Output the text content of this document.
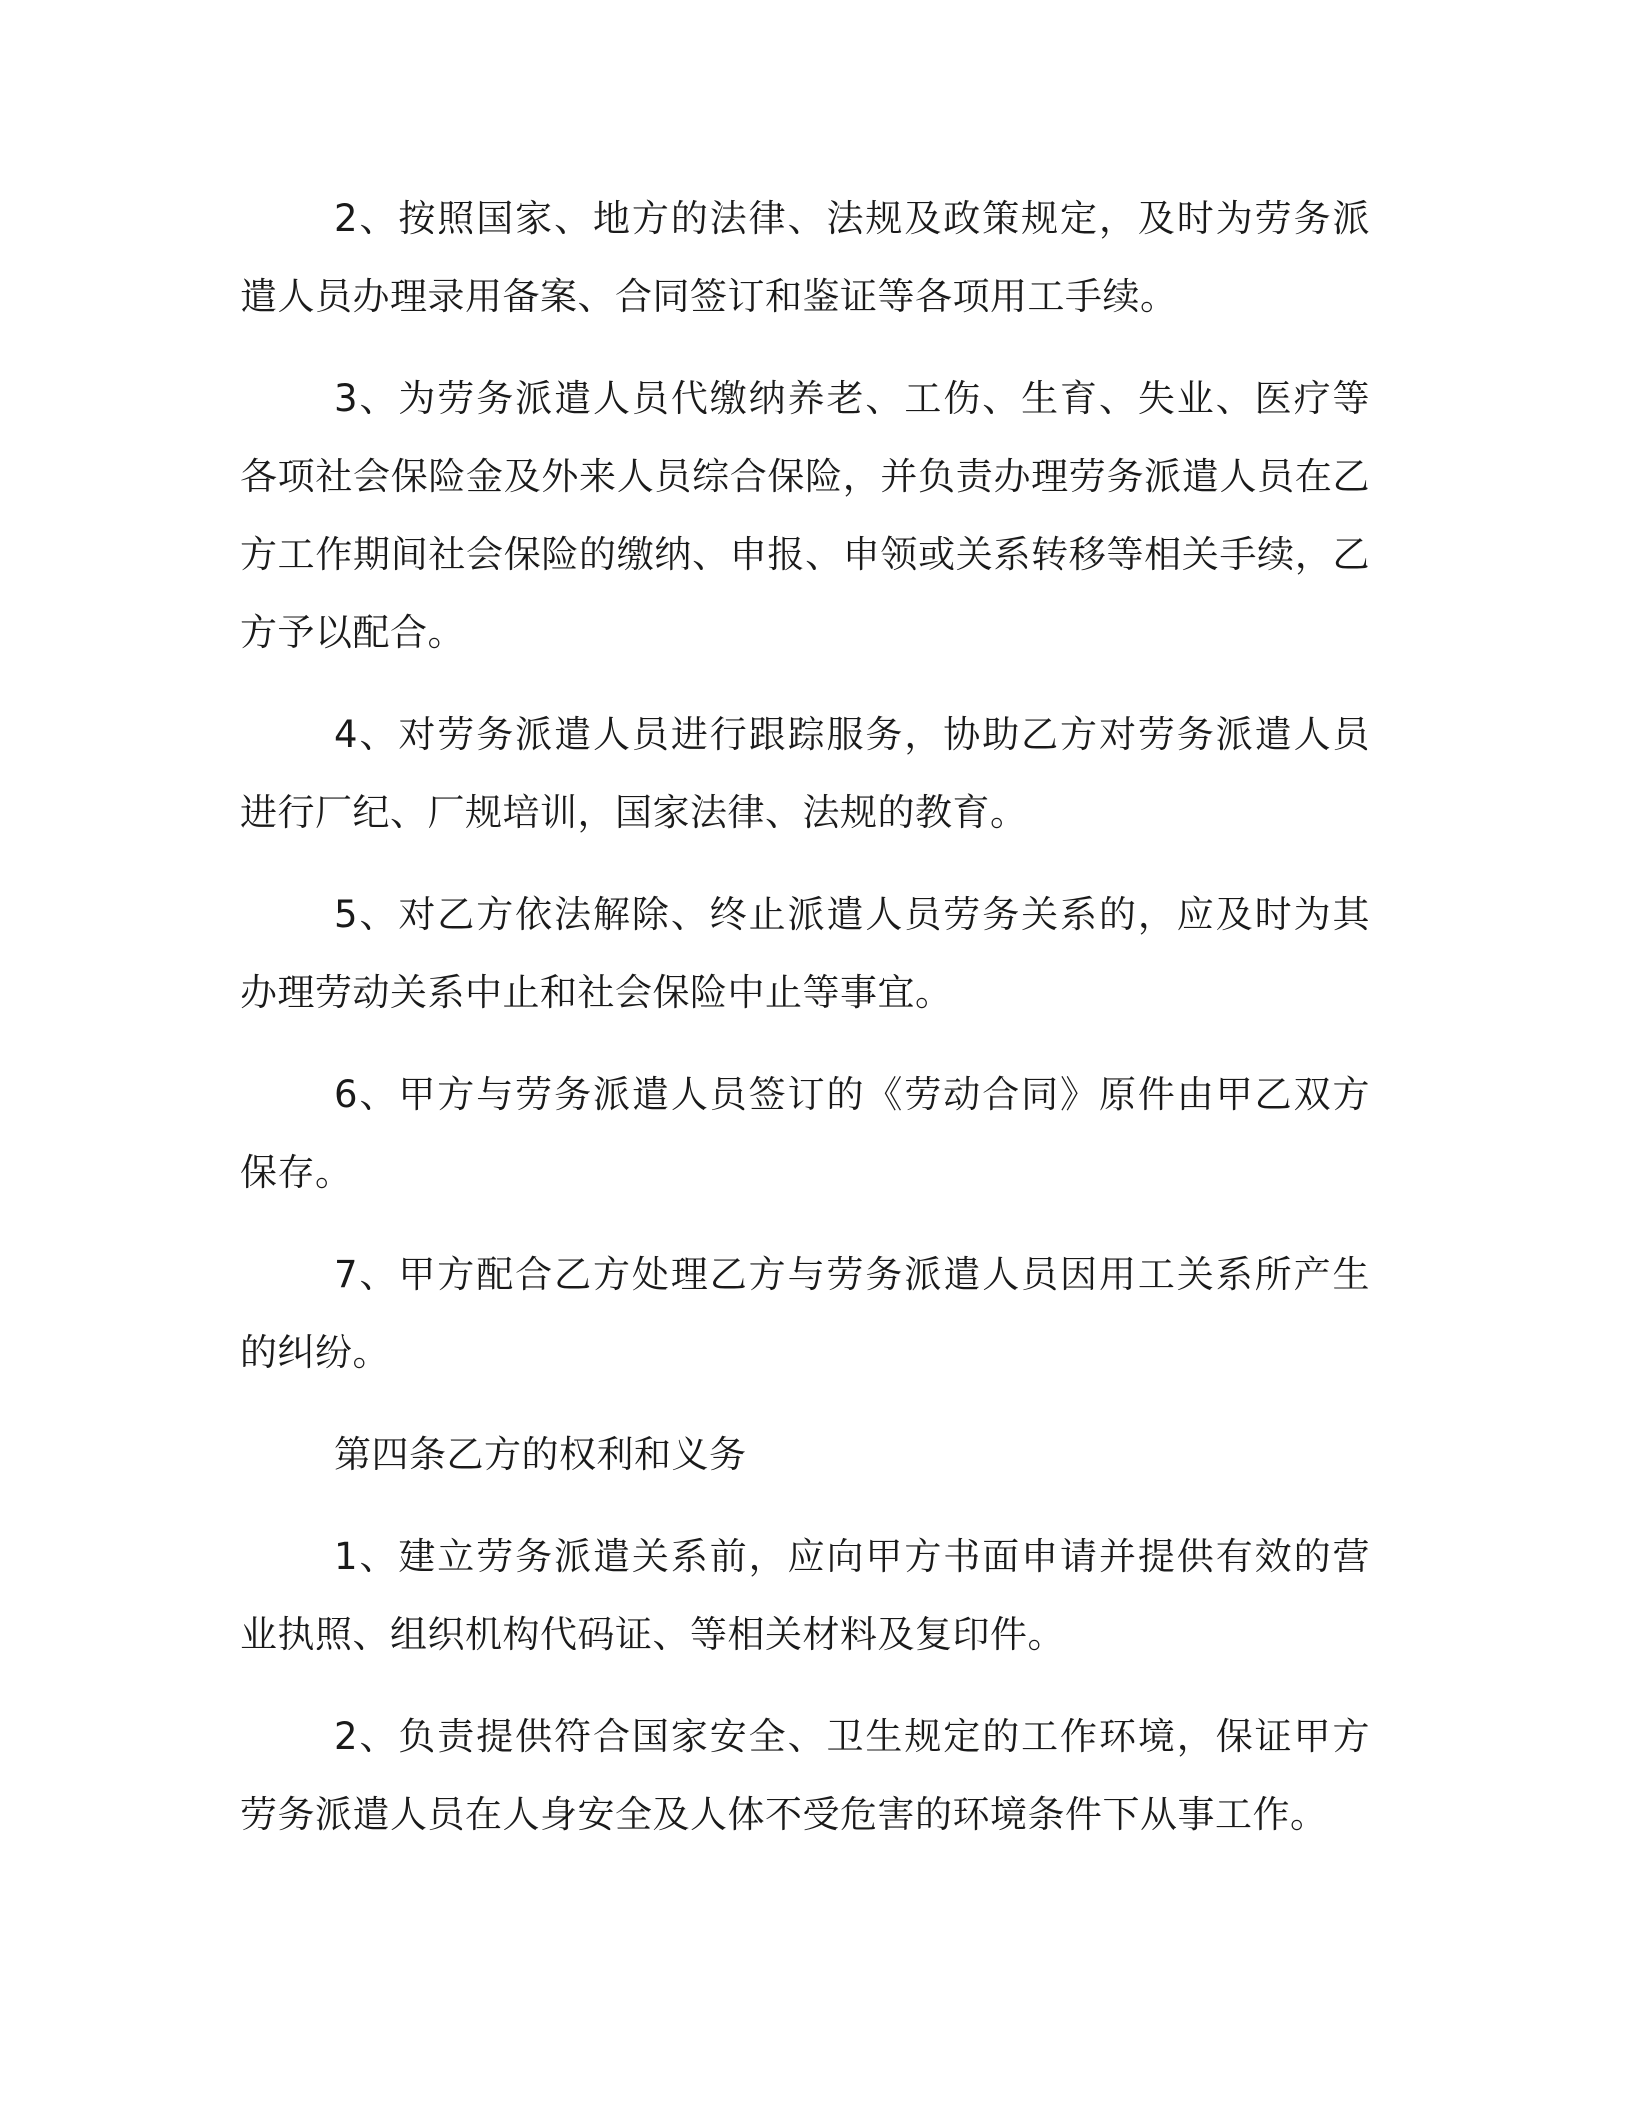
2、按照国家、地方的法律、法规及政策规定，及时为劳务派遣人员办理录用备案、合同签订和鉴证等各项用工手续。

3、为劳务派遣人员代缴纳养老、工伤、生育、失业、医疗等各项社会保险金及外来人员综合保险，并负责办理劳务派遣人员在乙方工作期间社会保险的缴纳、申报、申领或关系转移等相关手续，乙方予以配合。

4、对劳务派遣人员进行跟踪服务，协助乙方对劳务派遣人员进行厂纪、厂规培训，国家法律、法规的教育。

5、对乙方依法解除、终止派遣人员劳务关系的，应及时为其办理劳动关系中止和社会保险中止等事宜。

6、甲方与劳务派遣人员签订的《劳动合同》原件由甲乙双方保存。

7、甲方配合乙方处理乙方与劳务派遣人员因用工关系所产生的纠纷。

第四条乙方的权利和义务

1、建立劳务派遣关系前，应向甲方书面申请并提供有效的营业执照、组织机构代码证、等相关材料及复印件。

2、负责提供符合国家安全、卫生规定的工作环境，保证甲方劳务派遣人员在人身安全及人体不受危害的环境条件下从事工作。
